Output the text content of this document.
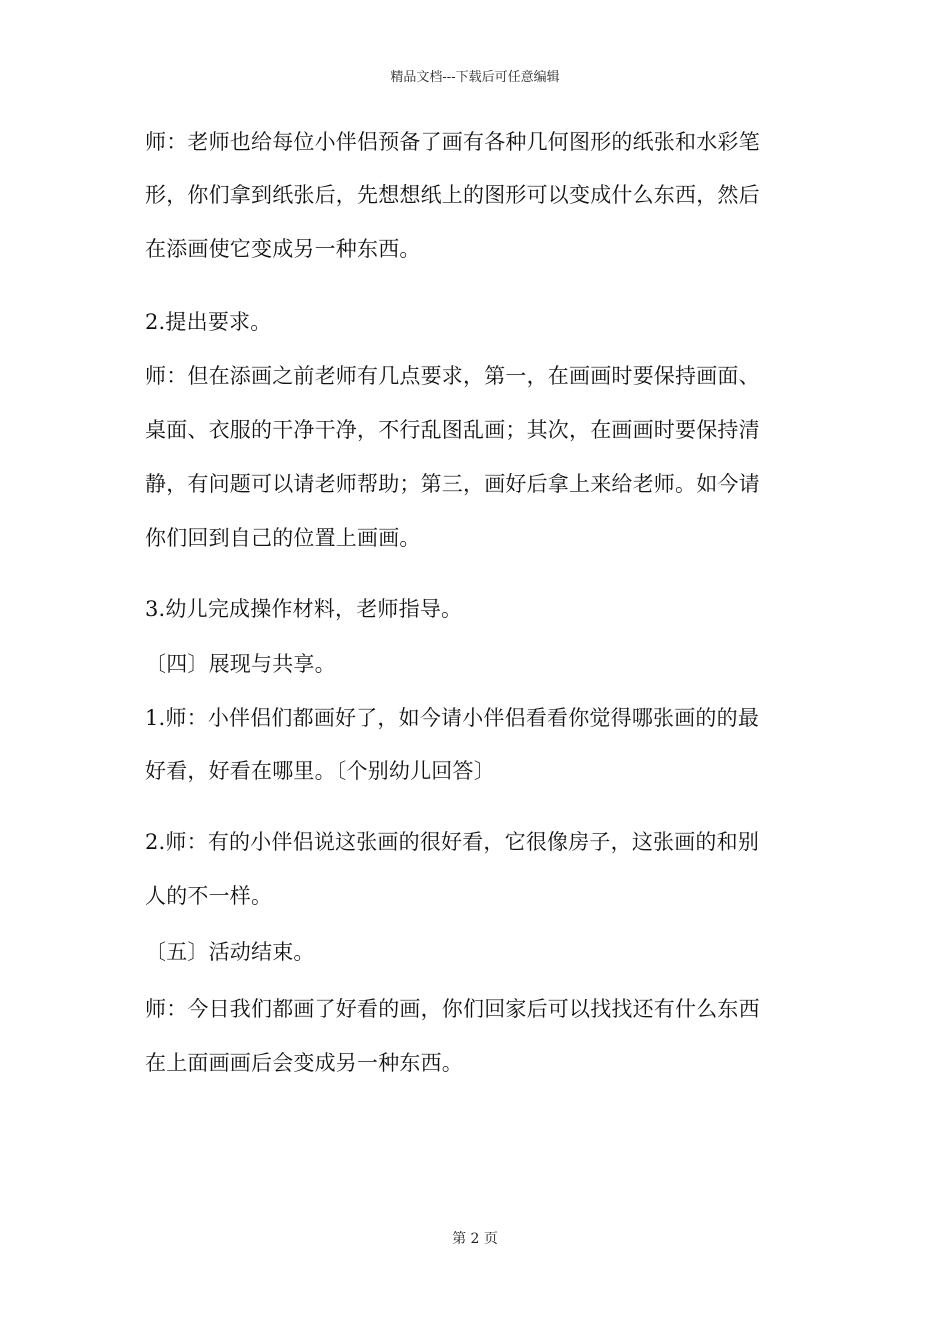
精品文档---下载后可任意编辑
师：老师也给每位小伴侣预备了画有各种几何图形的纸张和水彩笔
形，你们拿到纸张后，先想想纸上的图形可以变成什么东西，然后
在添画使它变成另一种东西。
2.提出要求。
师：但在添画之前老师有几点要求，第一，在画画时要保持画面、
桌面、衣服的干净干净，不行乱图乱画；其次，在画画时要保持清
静，有问题可以请老师帮助；第三，画好后拿上来给老师。如今请
你们回到自己的位置上画画。
3.幼儿完成操作材料，老师指导。
〔四〕展现与共享。
1.师：小伴侣们都画好了，如今请小伴侣看看你觉得哪张画的的最
好看，好看在哪里。〔个别幼儿回答〕
2.师：有的小伴侣说这张画的很好看，它很像房子，这张画的和别
人的不一样。
〔五〕活动结束。
师：今日我们都画了好看的画，你们回家后可以找找还有什么东西
在上面画画后会变成另一种东西。
第 2 页
